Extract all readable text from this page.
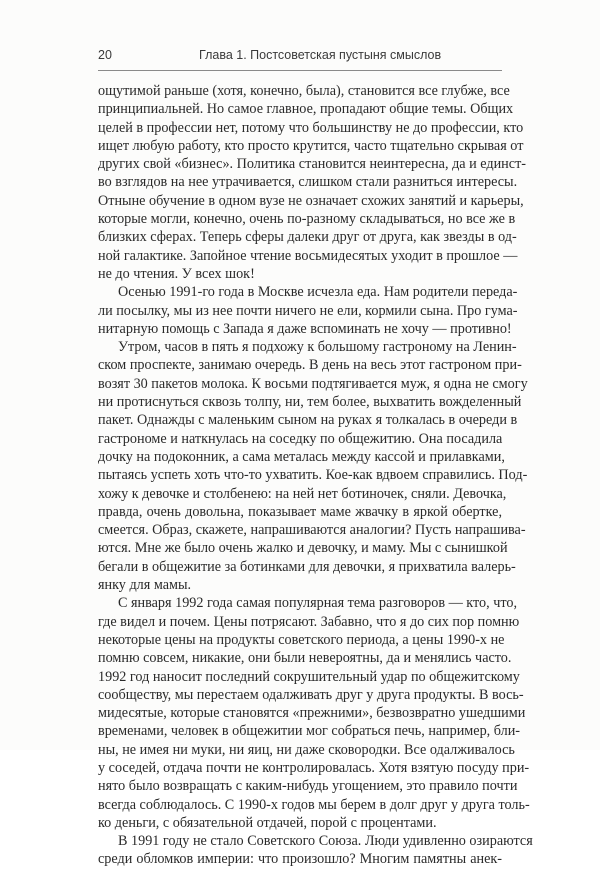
20	Глава 1. Постсоветская пустыня смыслов
ощутимой раньше (хотя, конечно, была), становится все глубже, все
принципиальней. Но самое главное, пропадают общие темы. Общих
целей в профессии нет, потому что большинству не до профессии, кто
ищет любую работу, кто просто крутится, часто тщательно скрывая от
других свой «бизнес». Политика становится неинтересна, да и единст-
во взглядов на нее утрачивается, слишком стали разниться интересы.
Отныне обучение в одном вузе не означает схожих занятий и карьеры,
которые могли, конечно, очень по-разному складываться, но все же в
близких сферах. Теперь сферы далеки друг от друга, как звезды в од-
ной галактике. Запойное чтение восьмидесятых уходит в прошлое —
не до чтения. У всех шок!
Осенью 1991-го года в Москве исчезла еда. Нам родители переда-
ли посылку, мы из нее почти ничего не ели, кормили сына. Про гума-
нитарную помощь с Запада я даже вспоминать не хочу — противно!
Утром, часов в пять я подхожу к большому гастроному на Ленин-
ском проспекте, занимаю очередь. В день на весь этот гастроном при-
возят 30 пакетов молока. К восьми подтягивается муж, я одна не смогу
ни протиснуться сквозь толпу, ни, тем более, выхватить вожделенный
пакет. Однажды с маленьким сыном на руках я толкалась в очереди в
гастрономе и наткнулась на соседку по общежитию. Она посадила
дочку на подоконник, а сама металась между кассой и прилавками,
пытаясь успеть хоть что-то ухватить. Кое-как вдвоем справились. Под-
хожу к девочке и столбенею: на ней нет ботиночек, сняли. Девочка,
правда, очень довольна, показывает маме жвачку в яркой обертке,
смеется. Образ, скажете, напрашиваются аналогии? Пусть напрашива-
ются. Мне же было очень жалко и девочку, и маму. Мы с сынишкой
бегали в общежитие за ботинками для девочки, я прихватила валерь-
янку для мамы.
С января 1992 года самая популярная тема разговоров — кто, что,
где видел и почем. Цены потрясают. Забавно, что я до сих пор помню
некоторые цены на продукты советского периода, а цены 1990-х не
помню совсем, никакие, они были невероятны, да и менялись часто.
1992 год наносит последний сокрушительный удар по общежитскому
сообществу, мы перестаем одалживать друг у друга продукты. В вось-
мидесятые, которые становятся «прежними», безвозвратно ушедшими
временами, человек в общежитии мог собраться печь, например, бли-
ны, не имея ни муки, ни яиц, ни даже сковородки. Все одалживалось
у соседей, отдача почти не контролировалась. Хотя взятую посуду при-
нято было возвращать с каким-нибудь угощением, это правило почти
всегда соблюдалось. С 1990-х годов мы берем в долг друг у друга толь-
ко деньги, с обязательной отдачей, порой с процентами.
В 1991 году не стало Советского Союза. Люди удивленно озираются
среди обломков империи: что произошло? Многим памятны анек-
